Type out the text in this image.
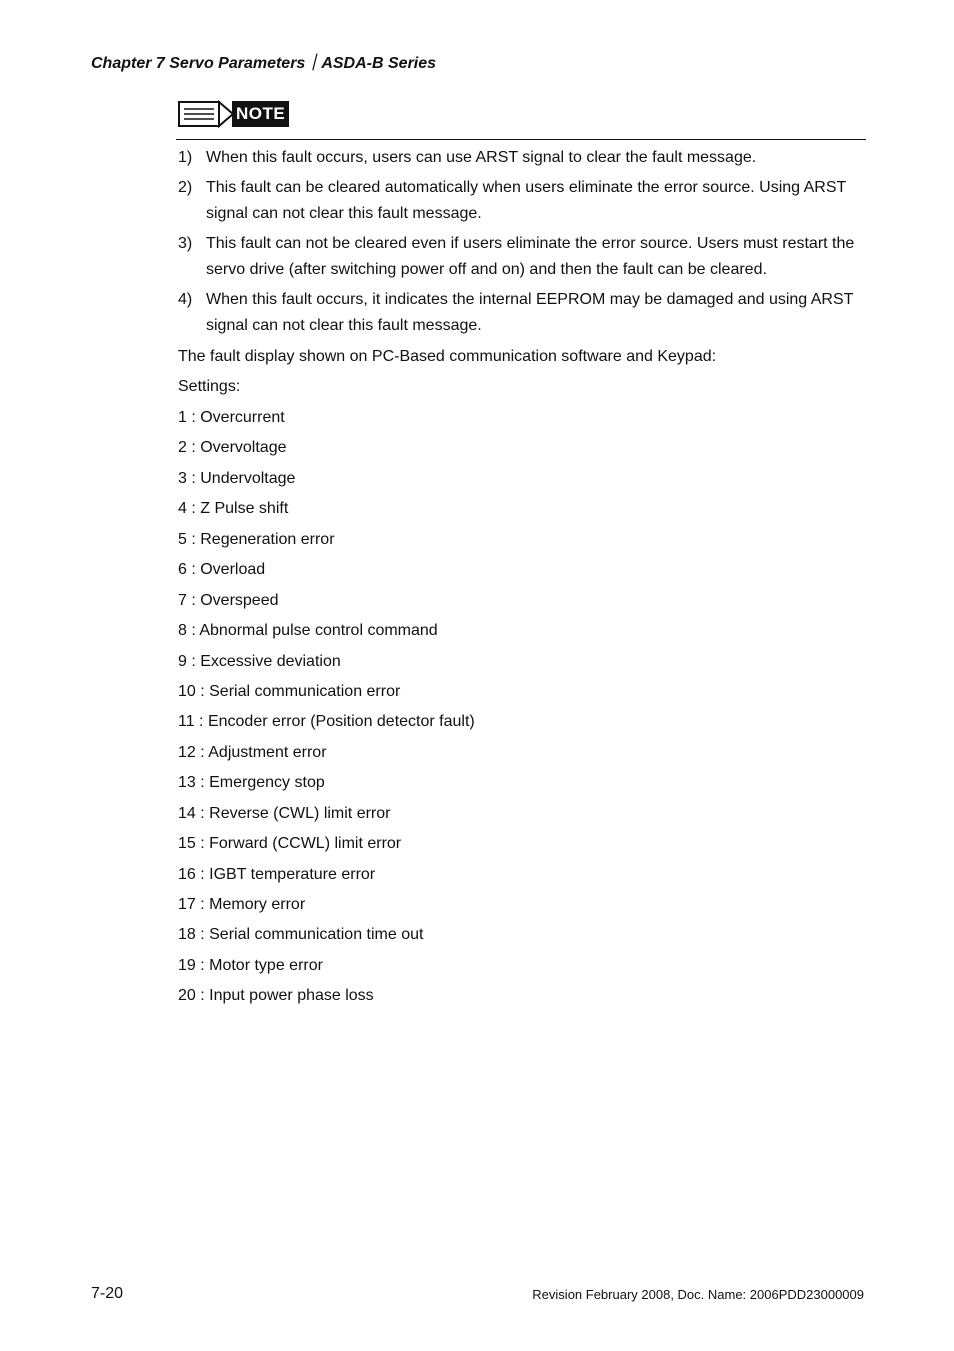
Chapter 7 Servo Parameters｜ASDA-B Series
NOTE
1) When this fault occurs, users can use ARST signal to clear the fault message.
2) This fault can be cleared automatically when users eliminate the error source. Using ARST signal can not clear this fault message.
3) This fault can not be cleared even if users eliminate the error source. Users must restart the servo drive (after switching power off and on) and then the fault can be cleared.
4) When this fault occurs, it indicates the internal EEPROM may be damaged and using ARST signal can not clear this fault message.
The fault display shown on PC-Based communication software and Keypad:
Settings:
1 : Overcurrent
2 : Overvoltage
3 : Undervoltage
4 : Z Pulse shift
5 : Regeneration error
6 : Overload
7 : Overspeed
8 : Abnormal pulse control command
9 : Excessive deviation
10 : Serial communication error
11 : Encoder error (Position detector fault)
12 : Adjustment error
13 : Emergency stop
14 : Reverse (CWL) limit error
15 : Forward (CCWL) limit error
16 : IGBT temperature error
17 : Memory error
18 : Serial communication time out
19 : Motor type error
20 : Input power phase loss
7-20	Revision February 2008, Doc. Name: 2006PDD23000009
